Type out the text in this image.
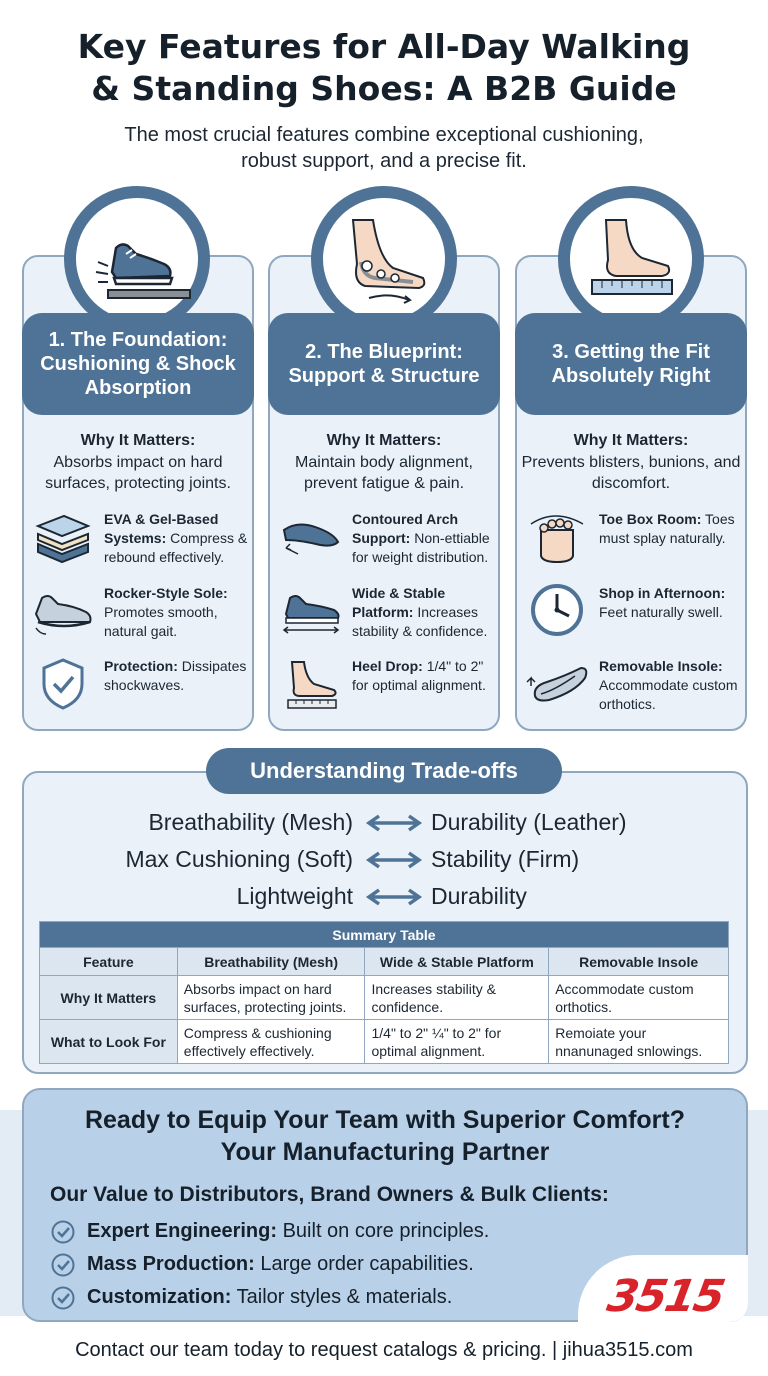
Key Features for All-Day Walking
& Standing Shoes: A B2B Guide
The most crucial features combine exceptional cushioning,
robust support, and a precise fit.
1. The Foundation: Cushioning & Shock Absorption
Why It Matters:
Absorbs impact on hard surfaces, protecting joints.
EVA & Gel-Based Systems: Compress & rebound effectively.
Rocker-Style Sole: Promotes smooth, natural gait.
Protection: Dissipates shockwaves.
2. The Blueprint: Support & Structure
Why It Matters:
Maintain body alignment, prevent fatigue & pain.
Contoured Arch Support: Non-ettiable for weight distribution.
Wide & Stable Platform: Increases stability & confidence.
Heel Drop: 1/4" to 2" for optimal alignment.
3. Getting the Fit Absolutely Right
Why It Matters:
Prevents blisters, bunions, and discomfort.
Toe Box Room: Toes must splay naturally.
Shop in Afternoon: Feet naturally swell.
Removable Insole: Accommodate custom orthotics.
Understanding Trade-offs
Breathability (Mesh)	Durability (Leather)
Max Cushioning (Soft)	Stability (Firm)
Lightweight	Durability
Summary Table			
Feature	Breathability (Mesh)	Wide & Stable Platform	Removable Insole
Why It Matters	Absorbs impact on hard surfaces, protecting joints.	Increases stability & confidence.	Accommodate custom orthotics.
What to Look For	Compress & cushioning effectively effectively.	1/4" to 2" ¼" to 2" for optimal alignment.	Remoiate your nnanunaged snlowings.
Ready to Equip Your Team with Superior Comfort?
Your Manufacturing Partner
Our Value to Distributors, Brand Owners & Bulk Clients:
Expert Engineering: Built on core principles.
Mass Production: Large order capabilities.
Customization: Tailor styles & materials.	3515
Contact our team today to request catalogs & pricing. | jihua3515.com
